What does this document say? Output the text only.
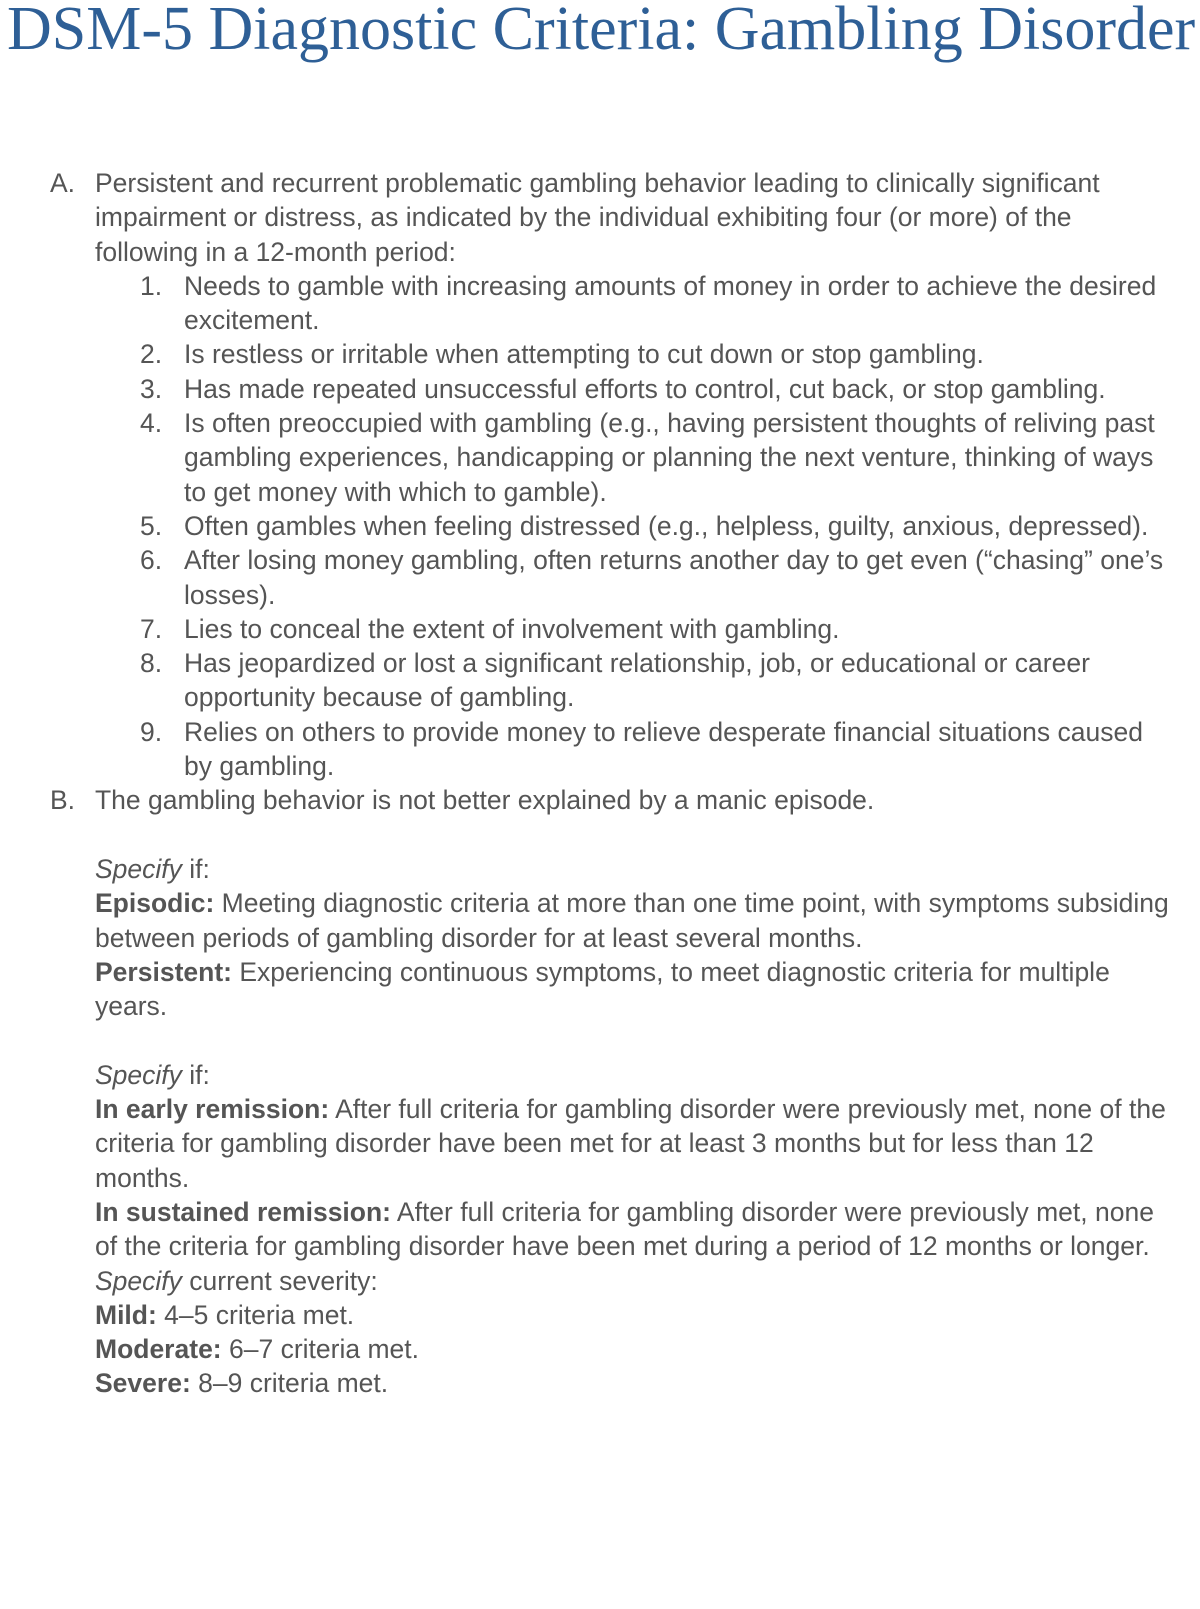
DSM-5 Diagnostic Criteria: Gambling Disorder
A. Persistent and recurrent problematic gambling behavior leading to clinically significant impairment or distress, as indicated by the individual exhibiting four (or more) of the following in a 12-month period:
1. Needs to gamble with increasing amounts of money in order to achieve the desired excitement.
2. Is restless or irritable when attempting to cut down or stop gambling.
3. Has made repeated unsuccessful efforts to control, cut back, or stop gambling.
4. Is often preoccupied with gambling (e.g., having persistent thoughts of reliving past gambling experiences, handicapping or planning the next venture, thinking of ways to get money with which to gamble).
5. Often gambles when feeling distressed (e.g., helpless, guilty, anxious, depressed).
6. After losing money gambling, often returns another day to get even (“chasing” one’s losses).
7. Lies to conceal the extent of involvement with gambling.
8. Has jeopardized or lost a significant relationship, job, or educational or career opportunity because of gambling.
9. Relies on others to provide money to relieve desperate financial situations caused by gambling.
B. The gambling behavior is not better explained by a manic episode.
Specify if:
Episodic: Meeting diagnostic criteria at more than one time point, with symptoms subsiding between periods of gambling disorder for at least several months.
Persistent: Experiencing continuous symptoms, to meet diagnostic criteria for multiple years.
Specify if:
In early remission: After full criteria for gambling disorder were previously met, none of the criteria for gambling disorder have been met for at least 3 months but for less than 12 months.
In sustained remission: After full criteria for gambling disorder were previously met, none of the criteria for gambling disorder have been met during a period of 12 months or longer.
Specify current severity:
Mild: 4–5 criteria met.
Moderate: 6–7 criteria met.
Severe: 8–9 criteria met.
